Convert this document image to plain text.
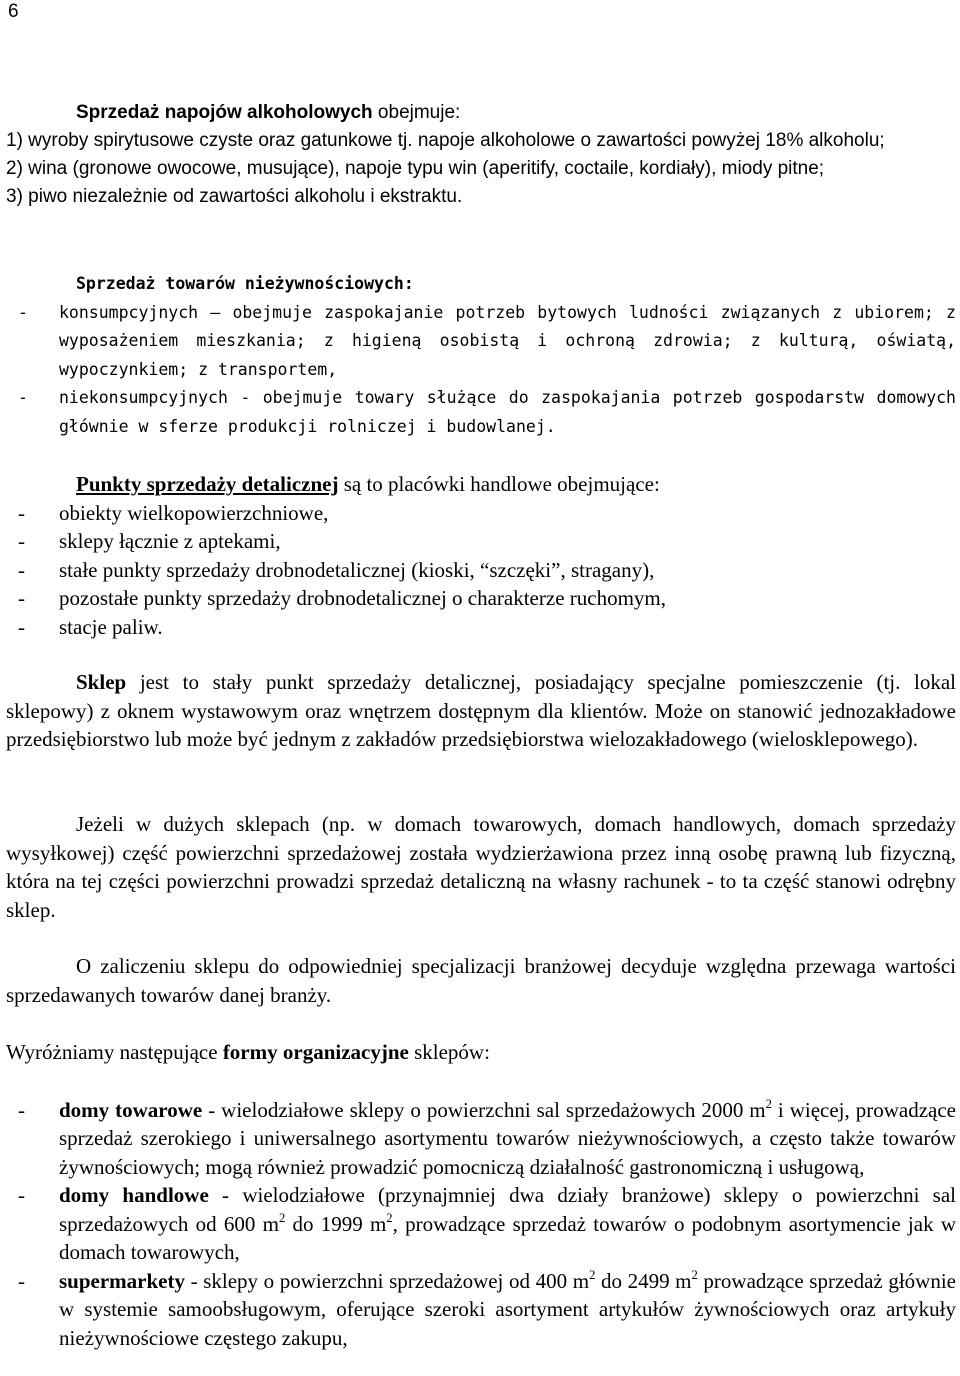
6

Sprzedaż napojów alkoholowych obejmuje:

1) wyroby spirytusowe czyste oraz gatunkowe tj. napoje alkoholowe o zawartości powyżej 18% alkoholu;
2) wina (gronowe owocowe, musujące), napoje typu win (aperitify, coctaile, kordiały), miody pitne;
3) piwo niezależnie od zawartości alkoholu i ekstraktu.

Sprzedaż towarów nieżywnościowych:

- konsumpcyjnych – obejmuje zaspokajanie potrzeb bytowych ludności związanych z ubiorem; z wyposażeniem mieszkania; z higieną osobistą i ochroną zdrowia; z kulturą, oświatą, wypoczynkiem; z transportem,
- niekonsumpcyjnych - obejmuje towary służące do zaspokajania potrzeb gospodarstw domowych głównie w sferze produkcji rolniczej i budowlanej.

Punkty sprzedaży detalicznej są to placówki handlowe obejmujące:

- obiekty wielkopowierzchniowe,
- sklepy łącznie z aptekami,
- stałe punkty sprzedaży drobnodetalicznej (kioski, “szczęki”, stragany),
- pozostałe punkty sprzedaży drobnodetalicznej o charakterze ruchomym,
- stacje paliw.

Sklep jest to stały punkt sprzedaży detalicznej, posiadający specjalne pomieszczenie (tj. lokal sklepowy) z oknem wystawowym oraz wnętrzem dostępnym dla klientów. Może on stanowić jednozakładowe przedsiębiorstwo lub może być jednym z zakładów przedsiębiorstwa wielozakładowego (wielosklepowego).

Jeżeli w dużych sklepach (np. w domach towarowych, domach handlowych, domach sprzedaży wysyłkowej) część powierzchni sprzedażowej została wydzierżawiona przez inną osobę prawną lub fizyczną, która na tej części powierzchni prowadzi sprzedaż detaliczną na własny rachunek - to ta część stanowi odrębny sklep.

O zaliczeniu sklepu do odpowiedniej specjalizacji branżowej decyduje względna przewaga wartości sprzedawanych towarów danej branży.

Wyróżniamy następujące formy organizacyjne sklepów:

- domy towarowe - wielodziałowe sklepy o powierzchni sal sprzedażowych 2000 $m^2$ i więcej, prowadzące sprzedaż szerokiego i uniwersalnego asortymentu towarów nieżywnościowych, a często także towarów żywnościowych; mogą również prowadzić pomocniczą działalność gastronomiczną i usługową,
- domy handlowe - wielodziałowe (przynajmniej dwa działy branżowe) sklepy o powierzchni sal sprzedażowych od 600 $m^2$ do 1999 $m^2$, prowadzące sprzedaż towarów o podobnym asortymencie jak w domach towarowych,
- supermarkety - sklepy o powierzchni sprzedażowej od 400 $m^2$ do 2499 $m^2$ prowadzące sprzedaż głównie w systemie samoobsługowym, oferujące szeroki asortyment artykułów żywnościowych oraz artykuły nieżywnościowe częstego zakupu,
